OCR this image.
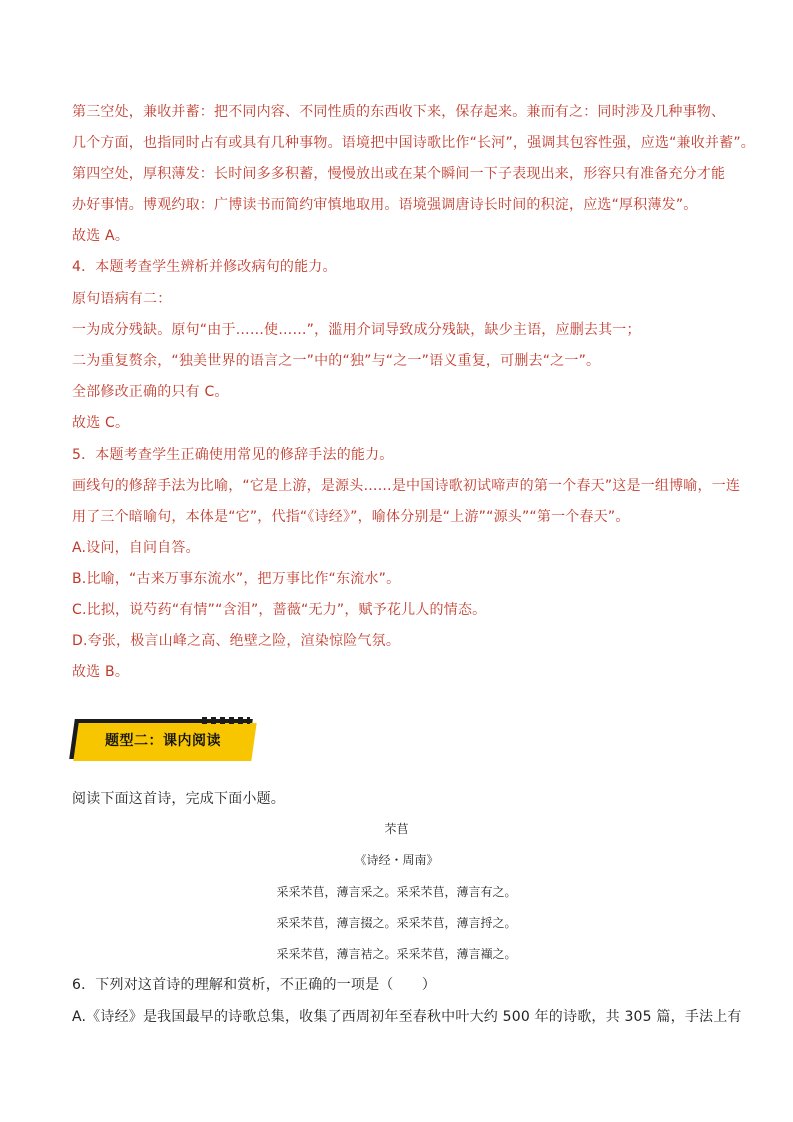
第三空处，兼收并蓄：把不同内容、不同性质的东西收下来，保存起来。兼而有之：同时涉及几种事物、
几个方面，也指同时占有或具有几种事物。语境把中国诗歌比作“长河”，强调其包容性强，应选“兼收并蓄”。
第四空处，厚积薄发：长时间多多积蓄，慢慢放出或在某个瞬间一下子表现出来，形容只有准备充分才能
办好事情。博观约取：广博读书而简约审慎地取用。语境强调唐诗长时间的积淀，应选“厚积薄发”。
故选 A。
4．本题考查学生辨析并修改病句的能力。
原句语病有二：
一为成分残缺。原句“由于……使……”，滥用介词导致成分残缺，缺少主语，应删去其一；
二为重复赘余，“独美世界的语言之一”中的“独”与“之一”语义重复，可删去“之一”。
全部修改正确的只有 C。
故选 C。
5．本题考查学生正确使用常见的修辞手法的能力。
画线句的修辞手法为比喻，“它是上游，是源头……是中国诗歌初试啼声的第一个春天”这是一组博喻，一连
用了三个暗喻句，本体是“它”，代指“《诗经》”，喻体分别是“上游”“源头”“第一个春天”。
A.设问，自问自答。
B.比喻，“古来万事东流水”，把万事比作“东流水”。
C.比拟，说芍药“有情”“含泪”，蔷薇“无力”，赋予花儿人的情态。
D.夸张，极言山峰之高、绝壁之险，渲染惊险气氛。
故选 B。
题型二：课内阅读
阅读下面这首诗，完成下面小题。
芣苢
《诗经・周南》
采采芣苢，薄言采之。采采芣苢，薄言有之。
采采芣苢，薄言掇之。采采芣苢，薄言捋之。
采采芣苢，薄言袺之。采采芣苢，薄言襭之。
6．下列对这首诗的理解和赏析，不正确的一项是（　　）
A.《诗经》是我国最早的诗歌总集，收集了西周初年至春秋中叶大约 500 年的诗歌，共 305 篇，手法上有
